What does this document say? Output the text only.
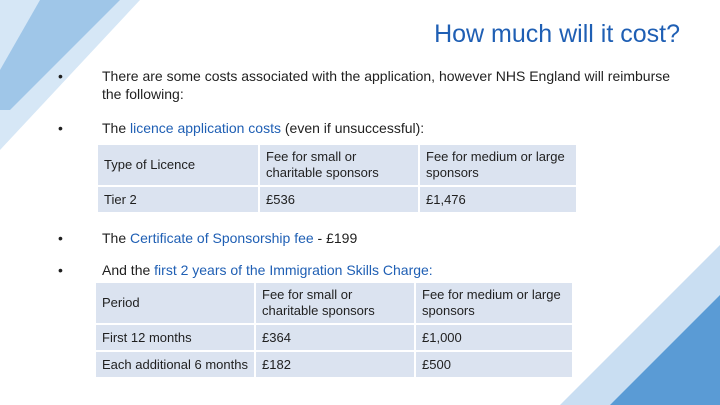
How much will it cost?
•	There are some costs associated with the application, however NHS England will reimburse the following:
•	The licence application costs (even if unsuccessful):
Type of Licence	Fee for small or charitable sponsors	Fee for medium or large sponsors
Tier 2	£536	£1,476
•	The Certificate of Sponsorship fee - £199
•	And the first 2 years of the Immigration Skills Charge:
Period	Fee for small or charitable sponsors	Fee for medium or large sponsors
First 12 months	£364	£1,000
Each additional 6 months	£182	£500
